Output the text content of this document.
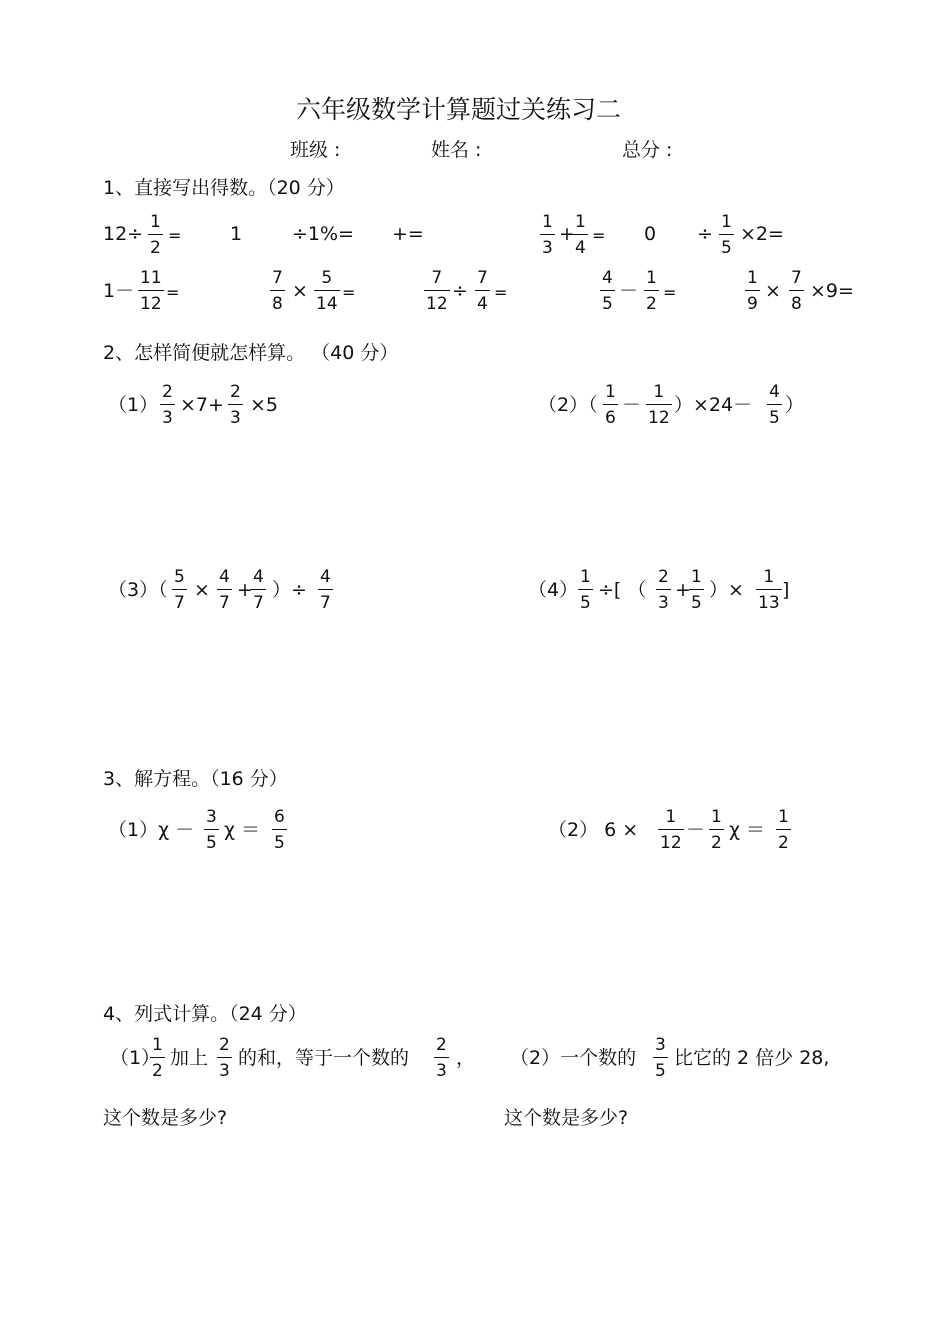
六年级数学计算题过关练习二
班级 :	姓名 :	总分 :
1、直接写出得数。（20 分）
$12\div \frac{1}{2}$ =	1	÷1%= +=	$\frac{1}{3}$ +
$\frac{1}{4} = 0 \div \frac{1}{5} \times 2=$
$1- \frac{11}{12}$ =	$\frac{7}{8} \times \frac{5}{14}$ =	$\frac{7}{12} \div \frac{7}{4}$ =	$\frac{4}{5} - \frac{1}{2}$ =	$\frac{1}{9} \times \frac{7}{8} \times 9=$
2、怎样简便就怎样算。 （40 分）
$(1) \frac{2}{3} \times 7+ \frac{2}{3} \times 5$	$(2)( \frac{1}{6} - \frac{1}{12} )\times 24- \frac{4}{5}$ ）
$(3)( \frac{5}{7} \times \frac{4}{7}$ +
$\frac{4}{7}$ ）÷ $\frac{4}{7}$	$(4) \frac{1}{5}$ ÷[ （ $\frac{2}{3}$ +
$\frac{1}{5}$ ）× $\frac{1}{13}$ ]
3、解方程。（16 分）
$(1)\chi - \frac{3}{5}$ $\chi = \frac{6}{5}$	（2） $6 \times \frac{1}{12} - \frac{1}{2}$ $\chi = \frac{1}{2}$
4、列式计算。（24 分）
（1）
$\frac{1}{2}$ 加上 $\frac{2}{3}$ 的和，等于一个数的 $\frac{2}{3}$ ，
这个数是多少?
（2）一个数的 $\frac{3}{5}$ 比它的 2 倍少 28,
这个数是多少?
